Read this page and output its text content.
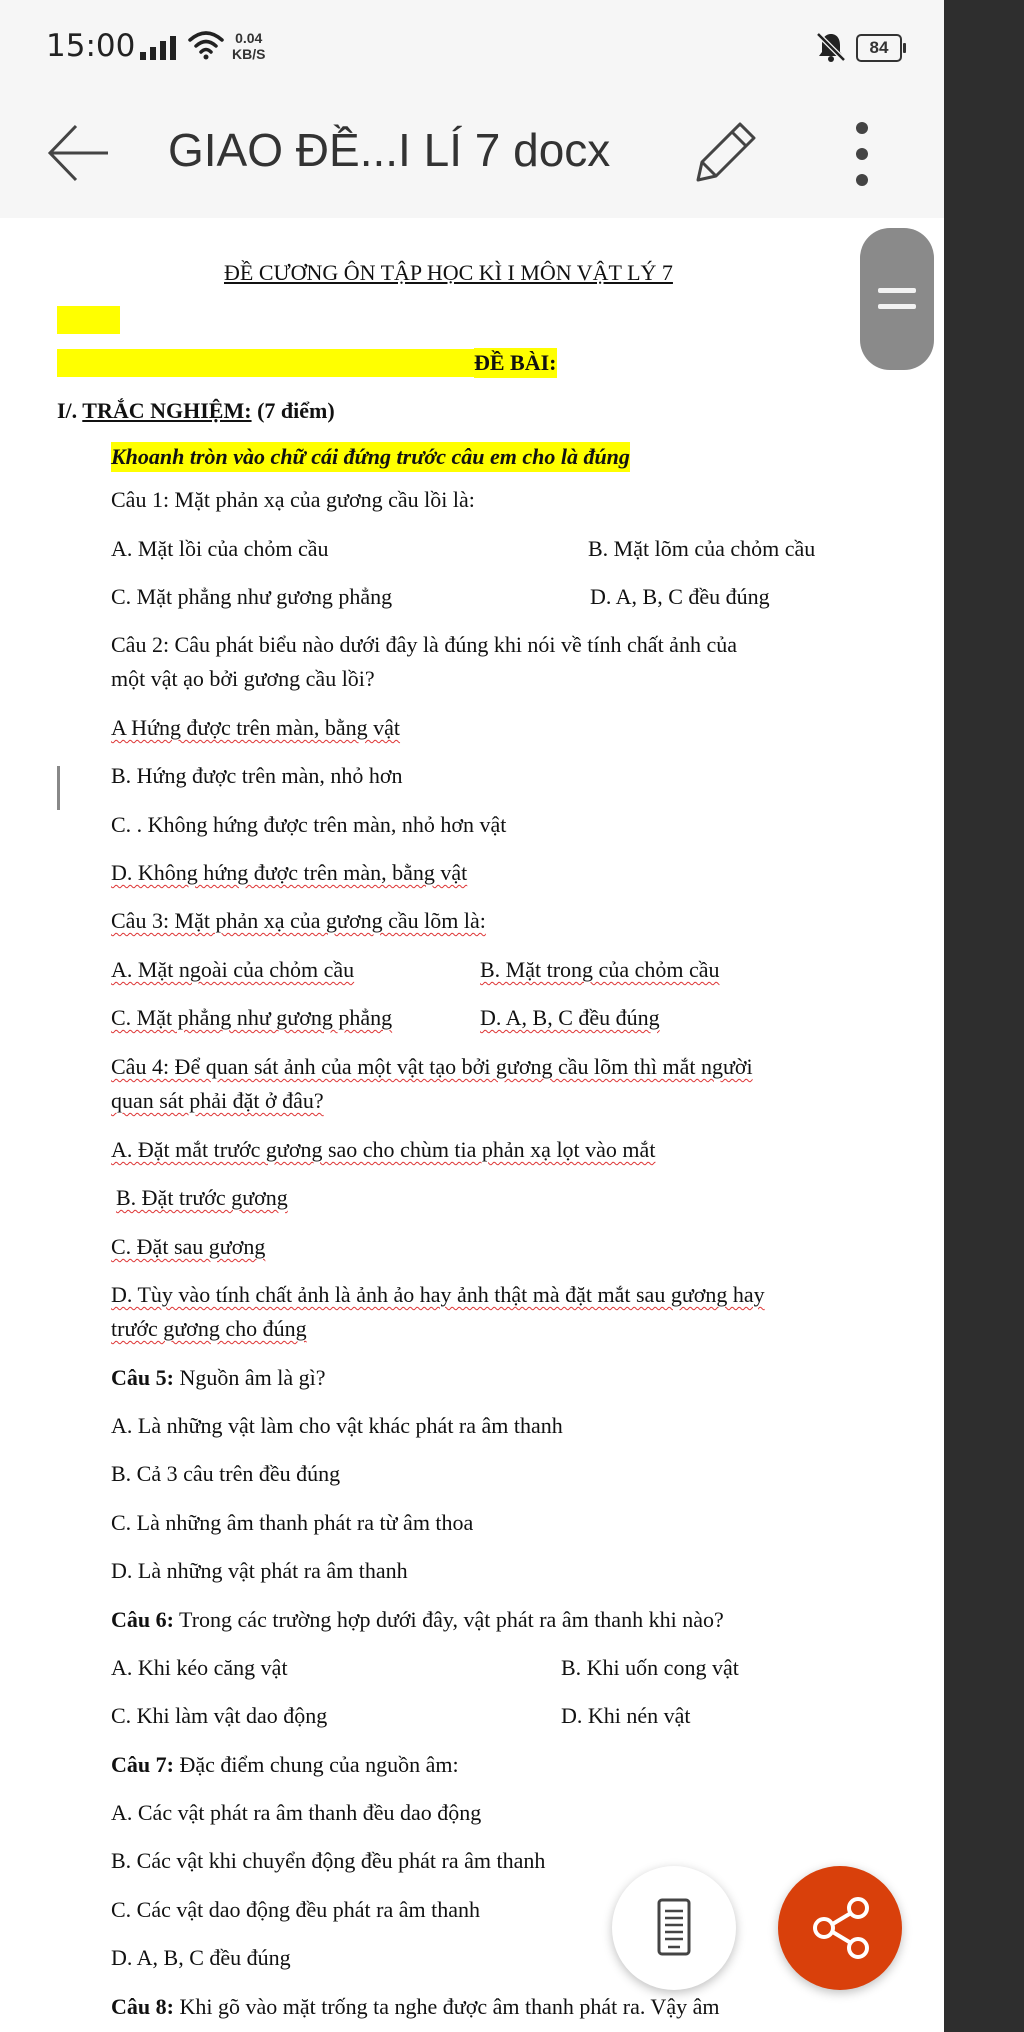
15:00	0.04
KB/S	84
GIAO ĐỀ...I LÍ 7 docx
ĐỀ CƯƠNG ÔN TẬP HỌC KÌ I MÔN VẬT LÝ 7
ĐỀ BÀI:
I/. TRẮC NGHIỆM: (7 điểm)
Khoanh tròn vào chữ cái đứng trước câu em cho là đúng
Câu 1: Mặt phản xạ của gương cầu lồi là:
A. Mặt lồi của chỏm cầu	B. Mặt lõm của chỏm cầu
C. Mặt phẳng như gương phẳng	D. A, B, C đều đúng
Câu 2: Câu phát biểu nào dưới đây là đúng khi nói về tính chất ảnh của
một vật ạo bởi gương cầu lồi?
A Hứng được trên màn, bằng vật
B. Hứng được trên màn, nhỏ hơn
C. . Không hứng được trên màn, nhỏ hơn vật
D. Không hứng được trên màn, bằng vật
Câu 3: Mặt phản xạ của gương cầu lõm là:
A. Mặt ngoài của chỏm cầu	B. Mặt trong của chỏm cầu
C. Mặt phẳng như gương phẳng	D. A, B, C đều đúng
Câu 4: Để quan sát ảnh của một vật tạo bởi gương cầu lõm thì mắt người
quan sát phải đặt ở đâu?
A. Đặt mắt trước gương sao cho chùm tia phản xạ lọt vào mắt
B. Đặt trước gương
C. Đặt sau gương
D. Tùy vào tính chất ảnh là ảnh ảo hay ảnh thật mà đặt mắt sau gương hay
trước gương cho đúng
Câu 5: Nguồn âm là gì?
A. Là những vật làm cho vật khác phát ra âm thanh
B. Cả 3 câu trên đều đúng
C. Là những âm thanh phát ra từ âm thoa
D. Là những vật phát ra âm thanh
Câu 6: Trong các trường hợp dưới đây, vật phát ra âm thanh khi nào?
A. Khi kéo căng vật	B. Khi uốn cong vật
C. Khi làm vật dao động	D. Khi nén vật
Câu 7: Đặc điểm chung của nguồn âm:
A. Các vật phát ra âm thanh đều dao động
B. Các vật khi chuyển động đều phát ra âm thanh
C. Các vật dao động đều phát ra âm thanh
D. A, B, C đều đúng
Câu 8: Khi gõ vào mặt trống ta nghe được âm thanh phát ra. Vậy âm
